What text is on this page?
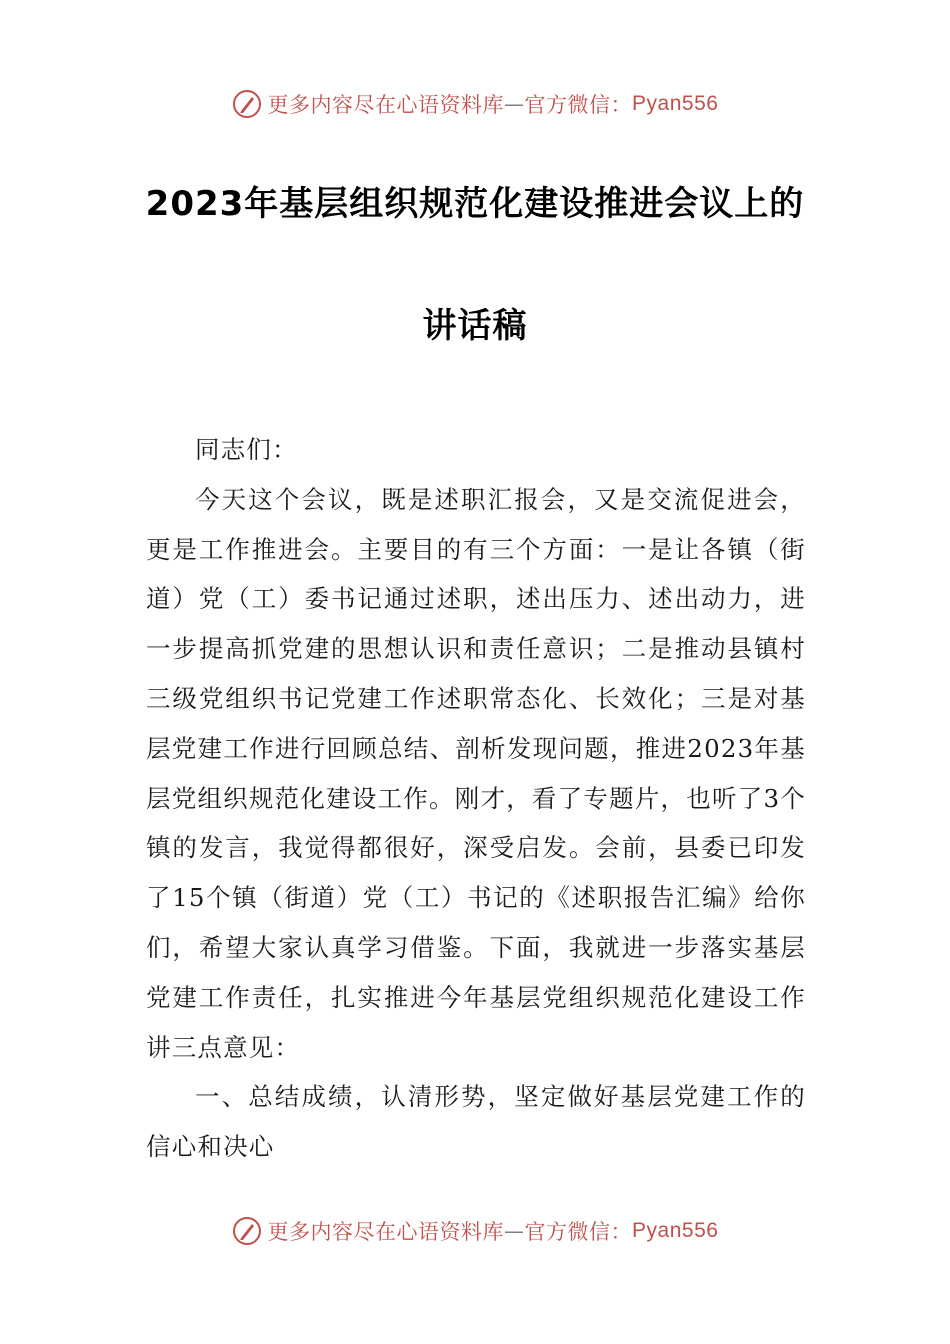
更多内容尽在心语资料库 — 官方微信： Pyan556
2023年基层组织规范化建设推进会议上的
讲话稿

同志们：

今天这个会议，既是述职汇报会，又是交流促进会，更是工作推进会。主要目的有三个方面：一是让各镇（街道）党（工）委书记通过述职，述出压力、述出动力，进一步提高抓党建的思想认识和责任意识；二是推动县镇村三级党组织书记党建工作述职常态化、长效化；三是对基层党建工作进行回顾总结、剖析发现问题，推进2023年基层党组织规范化建设工作。刚才，看了专题片，也听了3个镇的发言，我觉得都很好，深受启发。会前，县委已印发了15个镇（街道）党（工）书记的《述职报告汇编》给你们，希望大家认真学习借鉴。下面，我就进一步落实基层党建工作责任，扎实推进今年基层党组织规范化建设工作讲三点意见：

一、总结成绩，认清形势，坚定做好基层党建工作的信心和决心

更多内容尽在心语资料库 — 官方微信： Pyan556
